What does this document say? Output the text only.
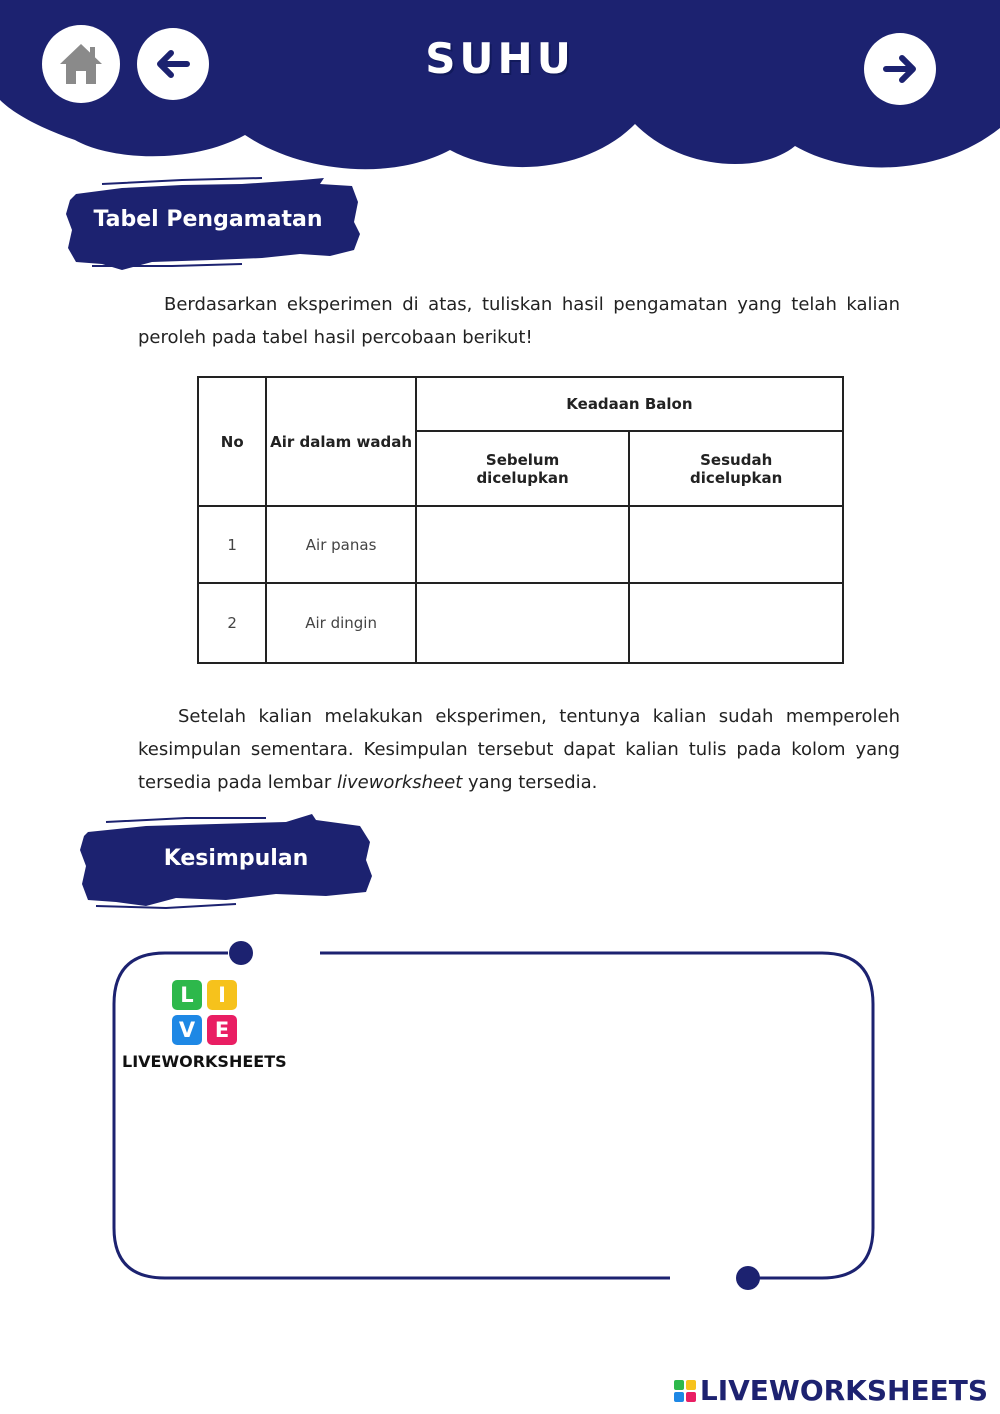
SUHU
Tabel Pengamatan

Berdasarkan eksperimen di atas, tuliskan hasil pengamatan yang telah kalian peroleh pada tabel hasil percobaan berikut!

No	Air dalam wadah	Keadaan Balon	
		Sebelum dicelupkan	Sesudah dicelupkan
1	Air panas		
2	Air dingin		

Setelah kalian melakukan eksperimen, tentunya kalian sudah memperoleh kesimpulan sementara. Kesimpulan tersebut dapat kalian tulis pada kolom yang tersedia pada lembar liveworksheet yang tersedia.

Kesimpulan
L	I
V E
LIVEWORKSHEETS
LIVEWORKSHEETS
